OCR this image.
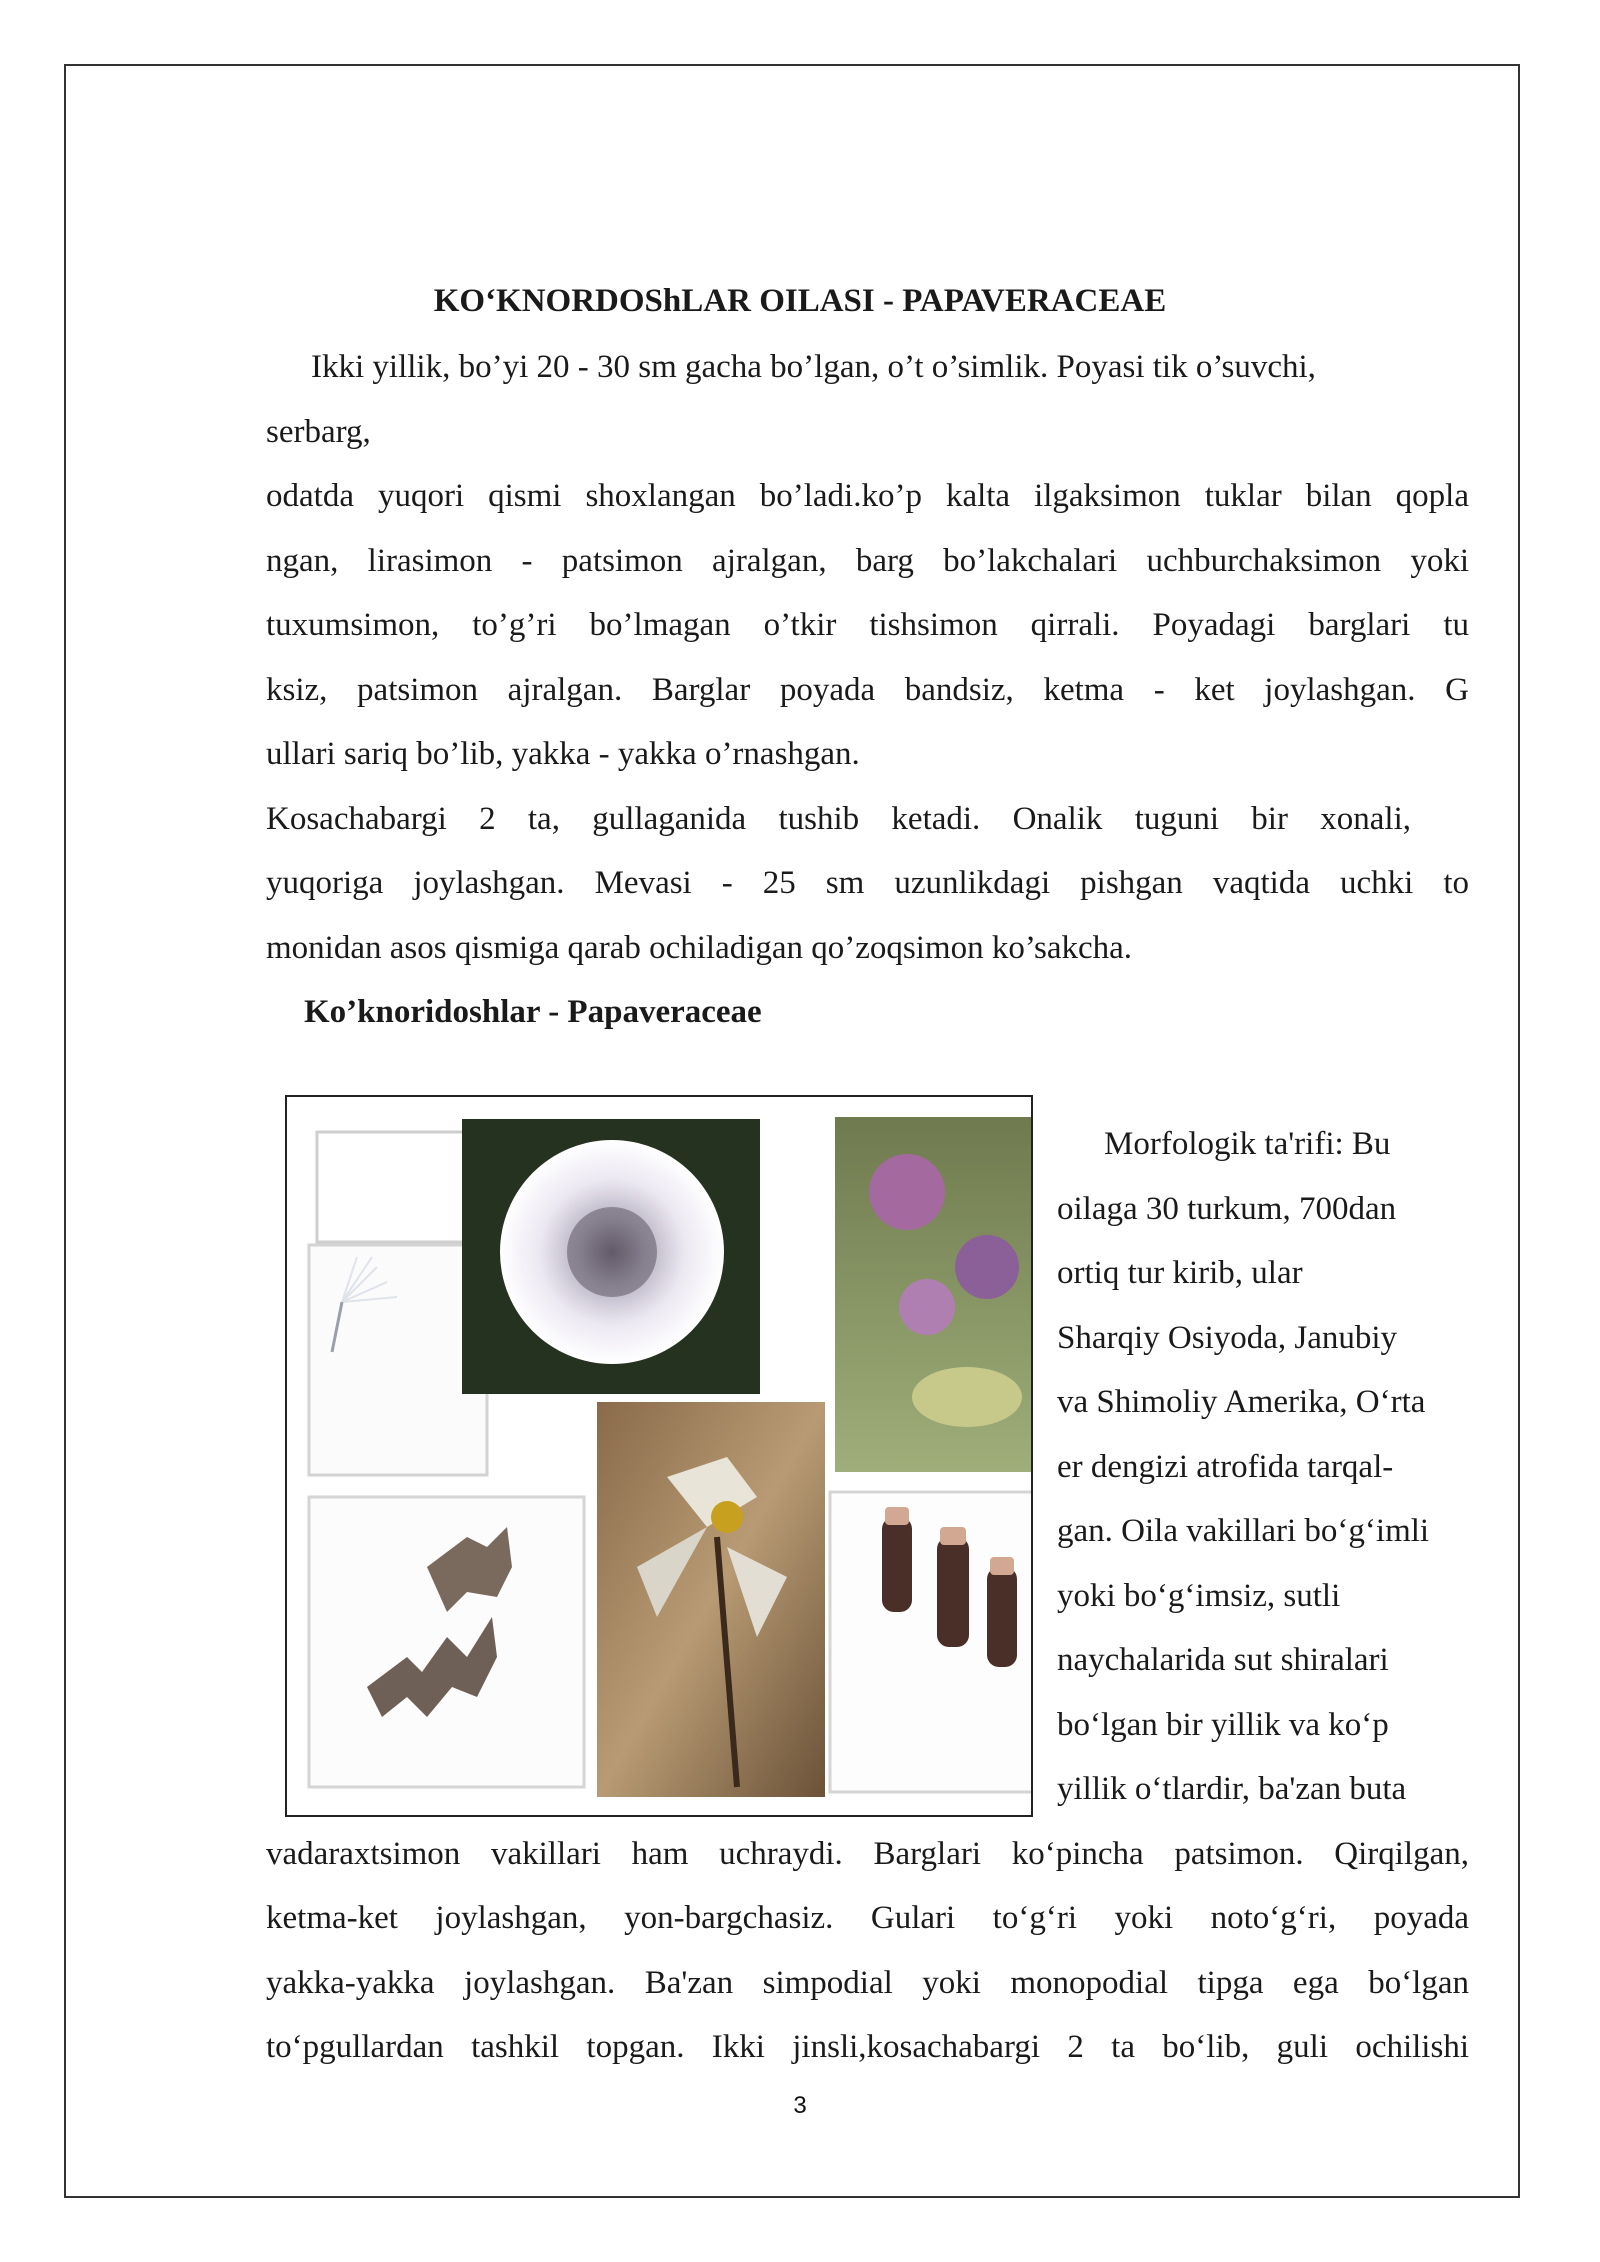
KO‘KNORDOShLAR OILASI - PAPAVERACEAE

Ikki yillik, bo’yi 20 - 30 sm gacha bo’lgan, o’t o’simlik. Poyasi tik o’suvchi,

serbarg,

odatda yuqori qismi shoxlangan bo’ladi.ko’p kalta ilgaksimon tuklar bilan qopla

ngan, lirasimon - patsimon ajralgan, barg bo’lakchalari uchburchaksimon yoki

tuxumsimon, to’g’ri bo’lmagan o’tkir tishsimon qirrali. Poyadagi barglari tu

ksiz, patsimon ajralgan. Barglar poyada bandsiz, ketma - ket joylashgan. G

ullari sariq bo’lib, yakka - yakka o’rnashgan.

Kosachabargi 2 ta, gullaganida tushib ketadi. Onalik tuguni bir xonali,

yuqoriga joylashgan. Mevasi - 25 sm uzunlikdagi pishgan vaqtida uchki to

monidan asos qismiga qarab ochiladigan qo’zoqsimon ko’sakcha.

Ko’knoridoshlar - Papaveraceae

Morfologik ta'rifi: Bu

oilaga 30 turkum, 700dan

ortiq tur kirib, ular

Sharqiy Osiyoda, Janubiy

va Shimoliy Amerika, O‘rta

er dengizi atrofida tarqal-

gan. Oila vakillari bo‘g‘imli

yoki bo‘g‘imsiz, sutli

naychalarida sut shiralari

bo‘lgan bir yillik va ko‘p

yillik o‘tlardir, ba'zan buta

vadaraxtsimon vakillari ham uchraydi. Barglari ko‘pincha patsimon. Qirqilgan,

ketma-ket joylashgan, yon-bargchasiz. Gulari to‘g‘ri yoki noto‘g‘ri, poyada

yakka-yakka joylashgan. Ba'zan simpodial yoki monopodial tipga ega bo‘lgan

to‘pgullardan tashkil topgan. Ikki jinsli,kosachabargi 2 ta bo‘lib, guli ochilishi

3
